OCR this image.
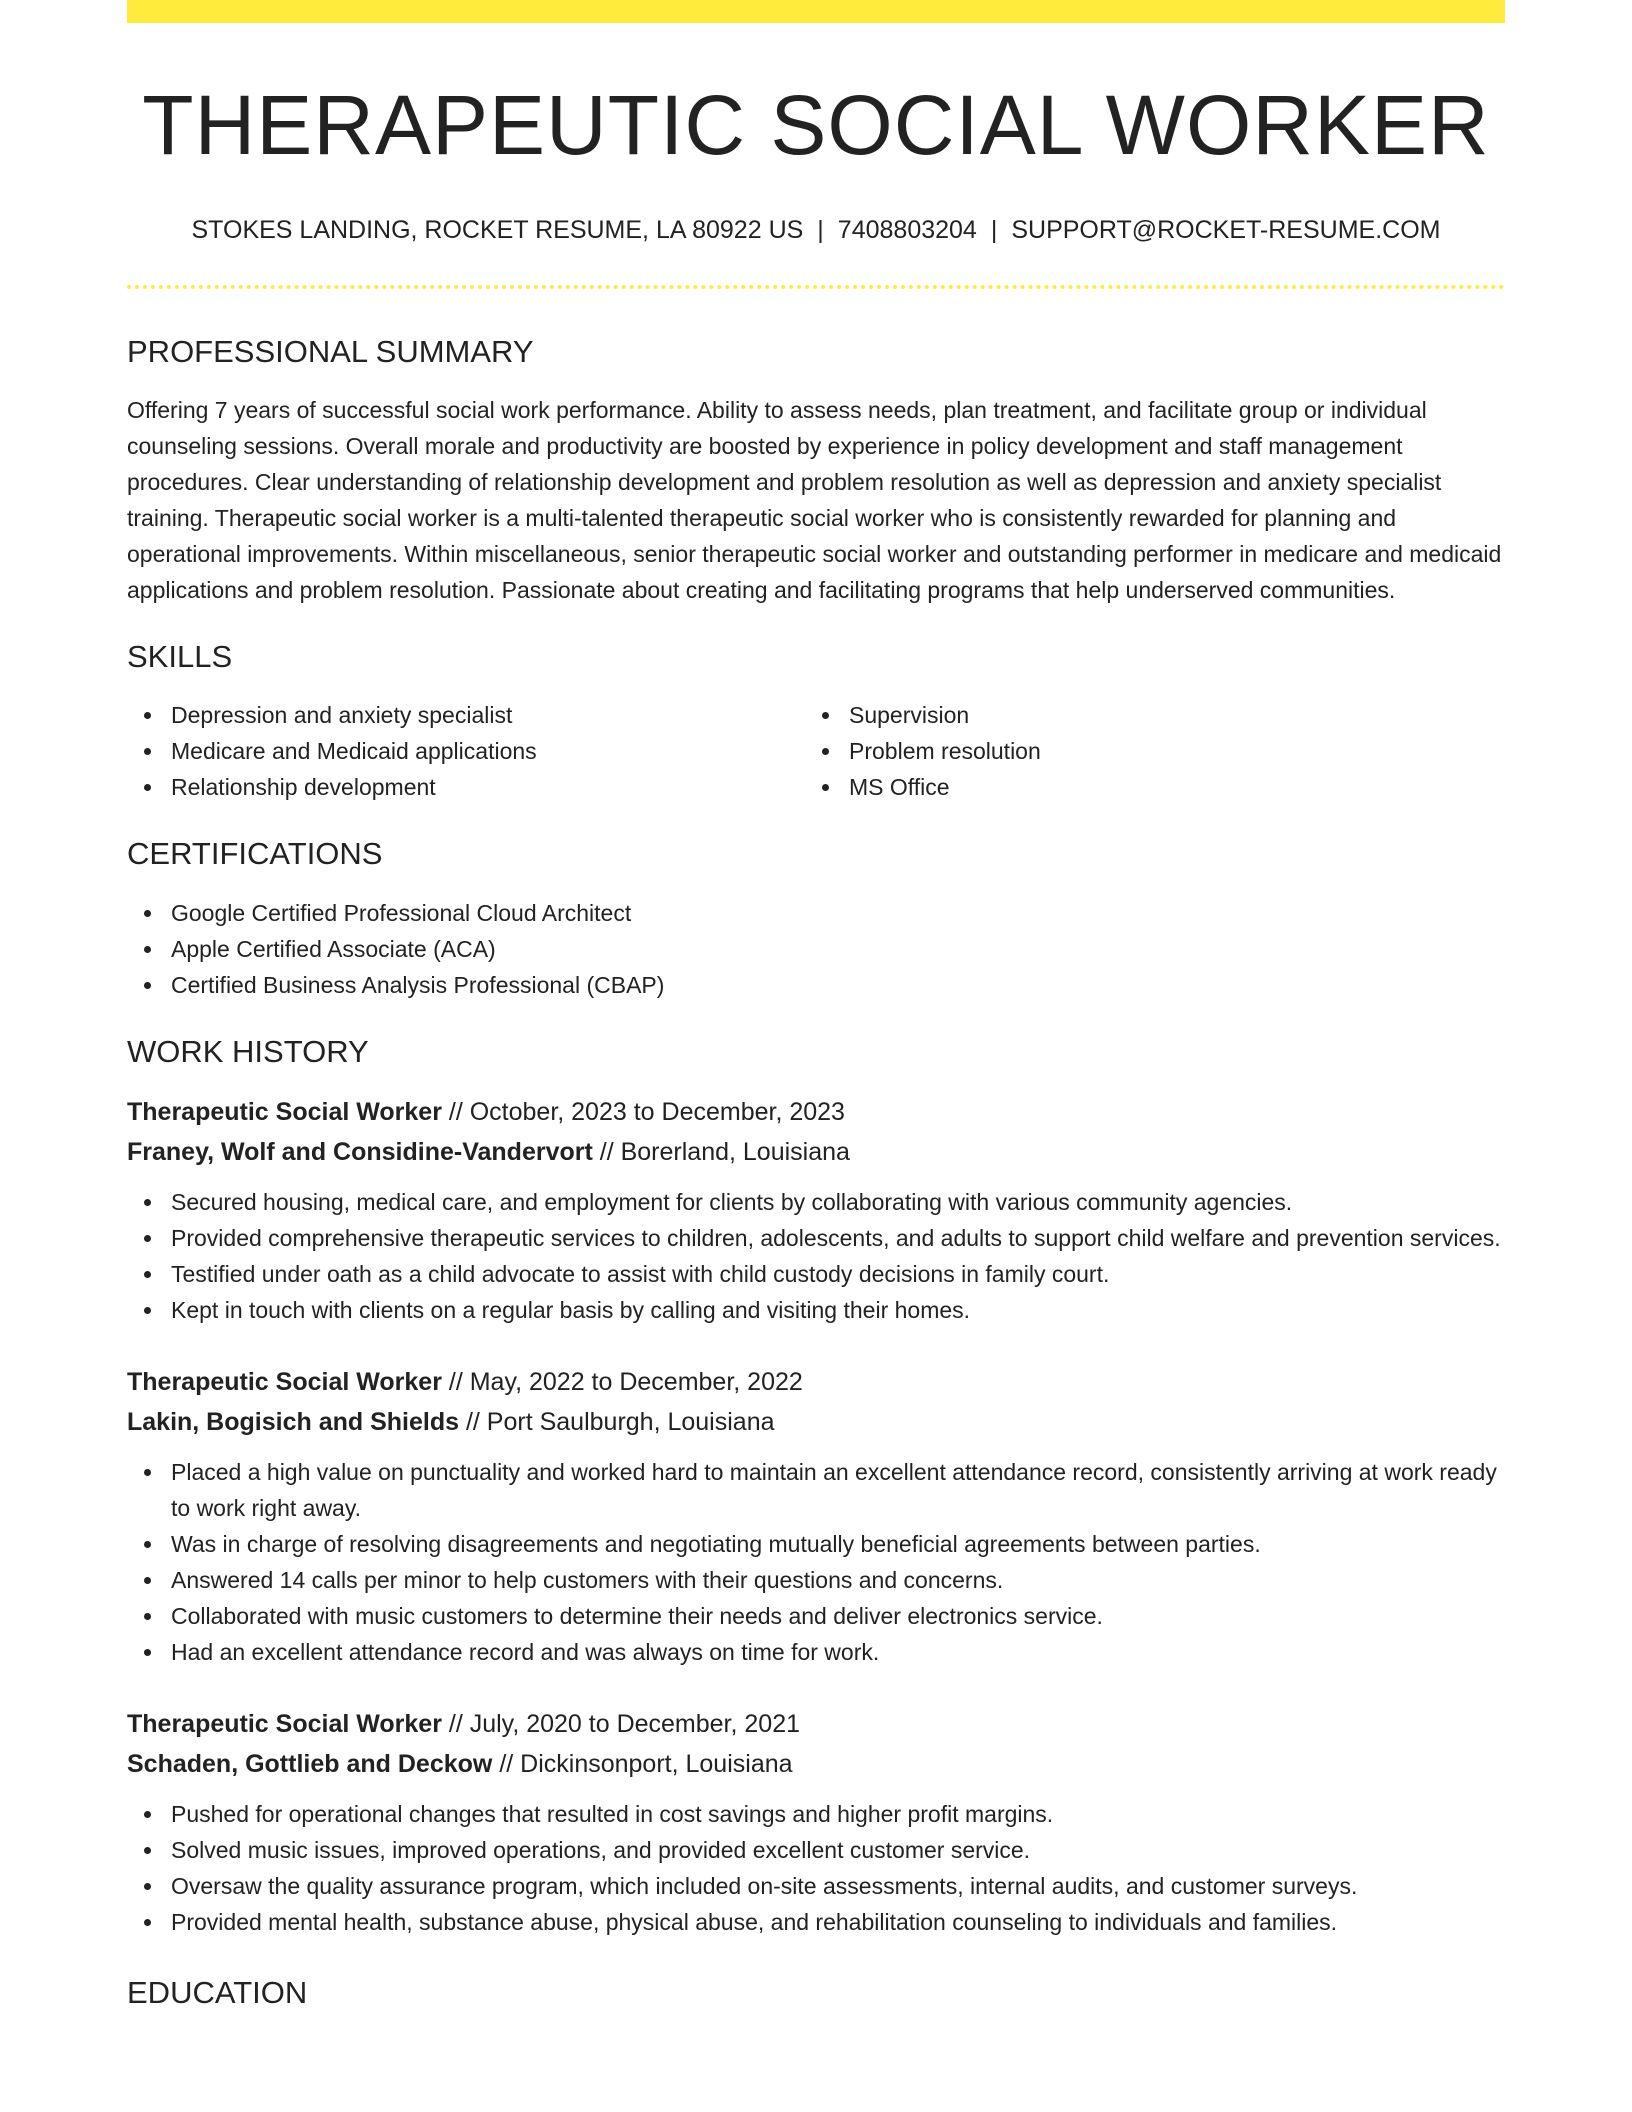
THERAPEUTIC SOCIAL WORKER
STOKES LANDING, ROCKET RESUME, LA 80922 US | 7408803204 | SUPPORT@ROCKET-RESUME.COM
PROFESSIONAL SUMMARY
Offering 7 years of successful social work performance. Ability to assess needs, plan treatment, and facilitate group or individual counseling sessions. Overall morale and productivity are boosted by experience in policy development and staff management procedures. Clear understanding of relationship development and problem resolution as well as depression and anxiety specialist training. Therapeutic social worker is a multi-talented therapeutic social worker who is consistently rewarded for planning and operational improvements. Within miscellaneous, senior therapeutic social worker and outstanding performer in medicare and medicaid applications and problem resolution. Passionate about creating and facilitating programs that help underserved communities.
SKILLS
Depression and anxiety specialist
Medicare and Medicaid applications
Relationship development
Supervision
Problem resolution
MS Office
CERTIFICATIONS
Google Certified Professional Cloud Architect
Apple Certified Associate (ACA)
Certified Business Analysis Professional (CBAP)
WORK HISTORY
Therapeutic Social Worker // October, 2023 to December, 2023
Franey, Wolf and Considine-Vandervort // Borerland, Louisiana
Secured housing, medical care, and employment for clients by collaborating with various community agencies.
Provided comprehensive therapeutic services to children, adolescents, and adults to support child welfare and prevention services.
Testified under oath as a child advocate to assist with child custody decisions in family court.
Kept in touch with clients on a regular basis by calling and visiting their homes.
Therapeutic Social Worker // May, 2022 to December, 2022
Lakin, Bogisich and Shields // Port Saulburgh, Louisiana
Placed a high value on punctuality and worked hard to maintain an excellent attendance record, consistently arriving at work ready to work right away.
Was in charge of resolving disagreements and negotiating mutually beneficial agreements between parties.
Answered 14 calls per minor to help customers with their questions and concerns.
Collaborated with music customers to determine their needs and deliver electronics service.
Had an excellent attendance record and was always on time for work.
Therapeutic Social Worker // July, 2020 to December, 2021
Schaden, Gottlieb and Deckow // Dickinsonport, Louisiana
Pushed for operational changes that resulted in cost savings and higher profit margins.
Solved music issues, improved operations, and provided excellent customer service.
Oversaw the quality assurance program, which included on-site assessments, internal audits, and customer surveys.
Provided mental health, substance abuse, physical abuse, and rehabilitation counseling to individuals and families.
EDUCATION
